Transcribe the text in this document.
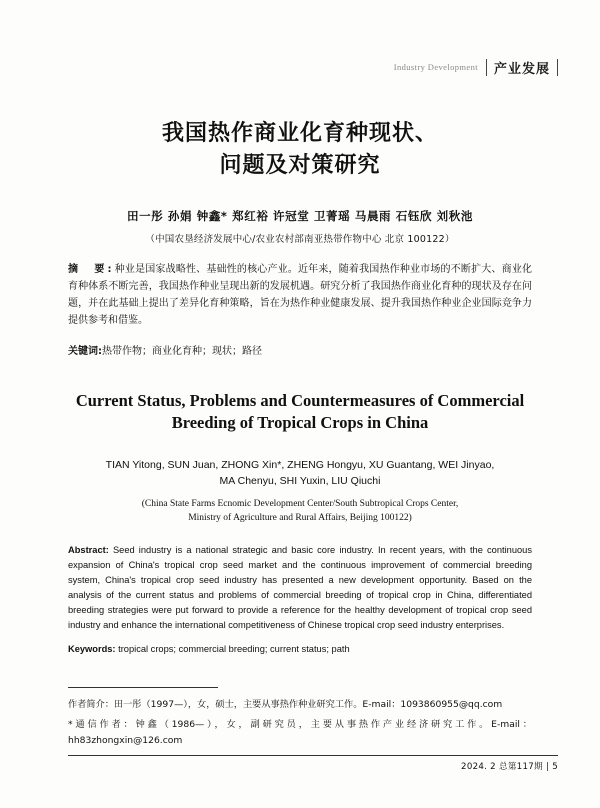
Industry Development 产业发展
我国热作商业化育种现状、
问题及对策研究
田一彤 孙娟 钟鑫* 郑红裕 许冠堂 卫菁瑶 马晨雨 石钰欣 刘秋池
（中国农垦经济发展中心/农业农村部南亚热带作物中心 北京 100122）
摘　要:种业是国家战略性、基础性的核心产业。近年来，随着我国热作种业市场的不断扩大、商业化育种体系不断完善，我国热作种业呈现出新的发展机遇。研究分析了我国热作商业化育种的现状及存在问题，并在此基础上提出了差异化育种策略，旨在为热作种业健康发展、提升我国热作种业企业国际竞争力提供参考和借鉴。
关键词:热带作物；商业化育种；现状；路径
Current Status, Problems and Countermeasures of Commercial Breeding of Tropical Crops in China
TIAN Yitong, SUN Juan, ZHONG Xin*, ZHENG Hongyu, XU Guantang, WEI Jinyao,
MA Chenyu, SHI Yuxin, LIU Qiuchi
(China State Farms Ecnomic Development Center/South Subtropical Crops Center,
Ministry of Agriculture and Rural Affairs, Beijing 100122)
Abstract: Seed industry is a national strategic and basic core industry. In recent years, with the continuous expansion of China's tropical crop seed market and the continuous improvement of commercial breeding system, China's tropical crop seed industry has presented a new development opportunity. Based on the analysis of the current status and problems of commercial breeding of tropical crop in China, differentiated breeding strategies were put forward to provide a reference for the healthy development of tropical crop seed industry and enhance the international competitiveness of Chinese tropical crop seed industry enterprises.
Keywords: tropical crops; commercial breeding; current status; path

作者简介：田一彤（1997—），女，硕士，主要从事热作种业研究工作。E-mail：1093860955@qq.com

*通信作者：钟鑫（1986—），女，副研究员，主要从事热作产业经济研究工作。E-mail：hh83zhongxin@126.com

2024. 2 总第117期 | 5
